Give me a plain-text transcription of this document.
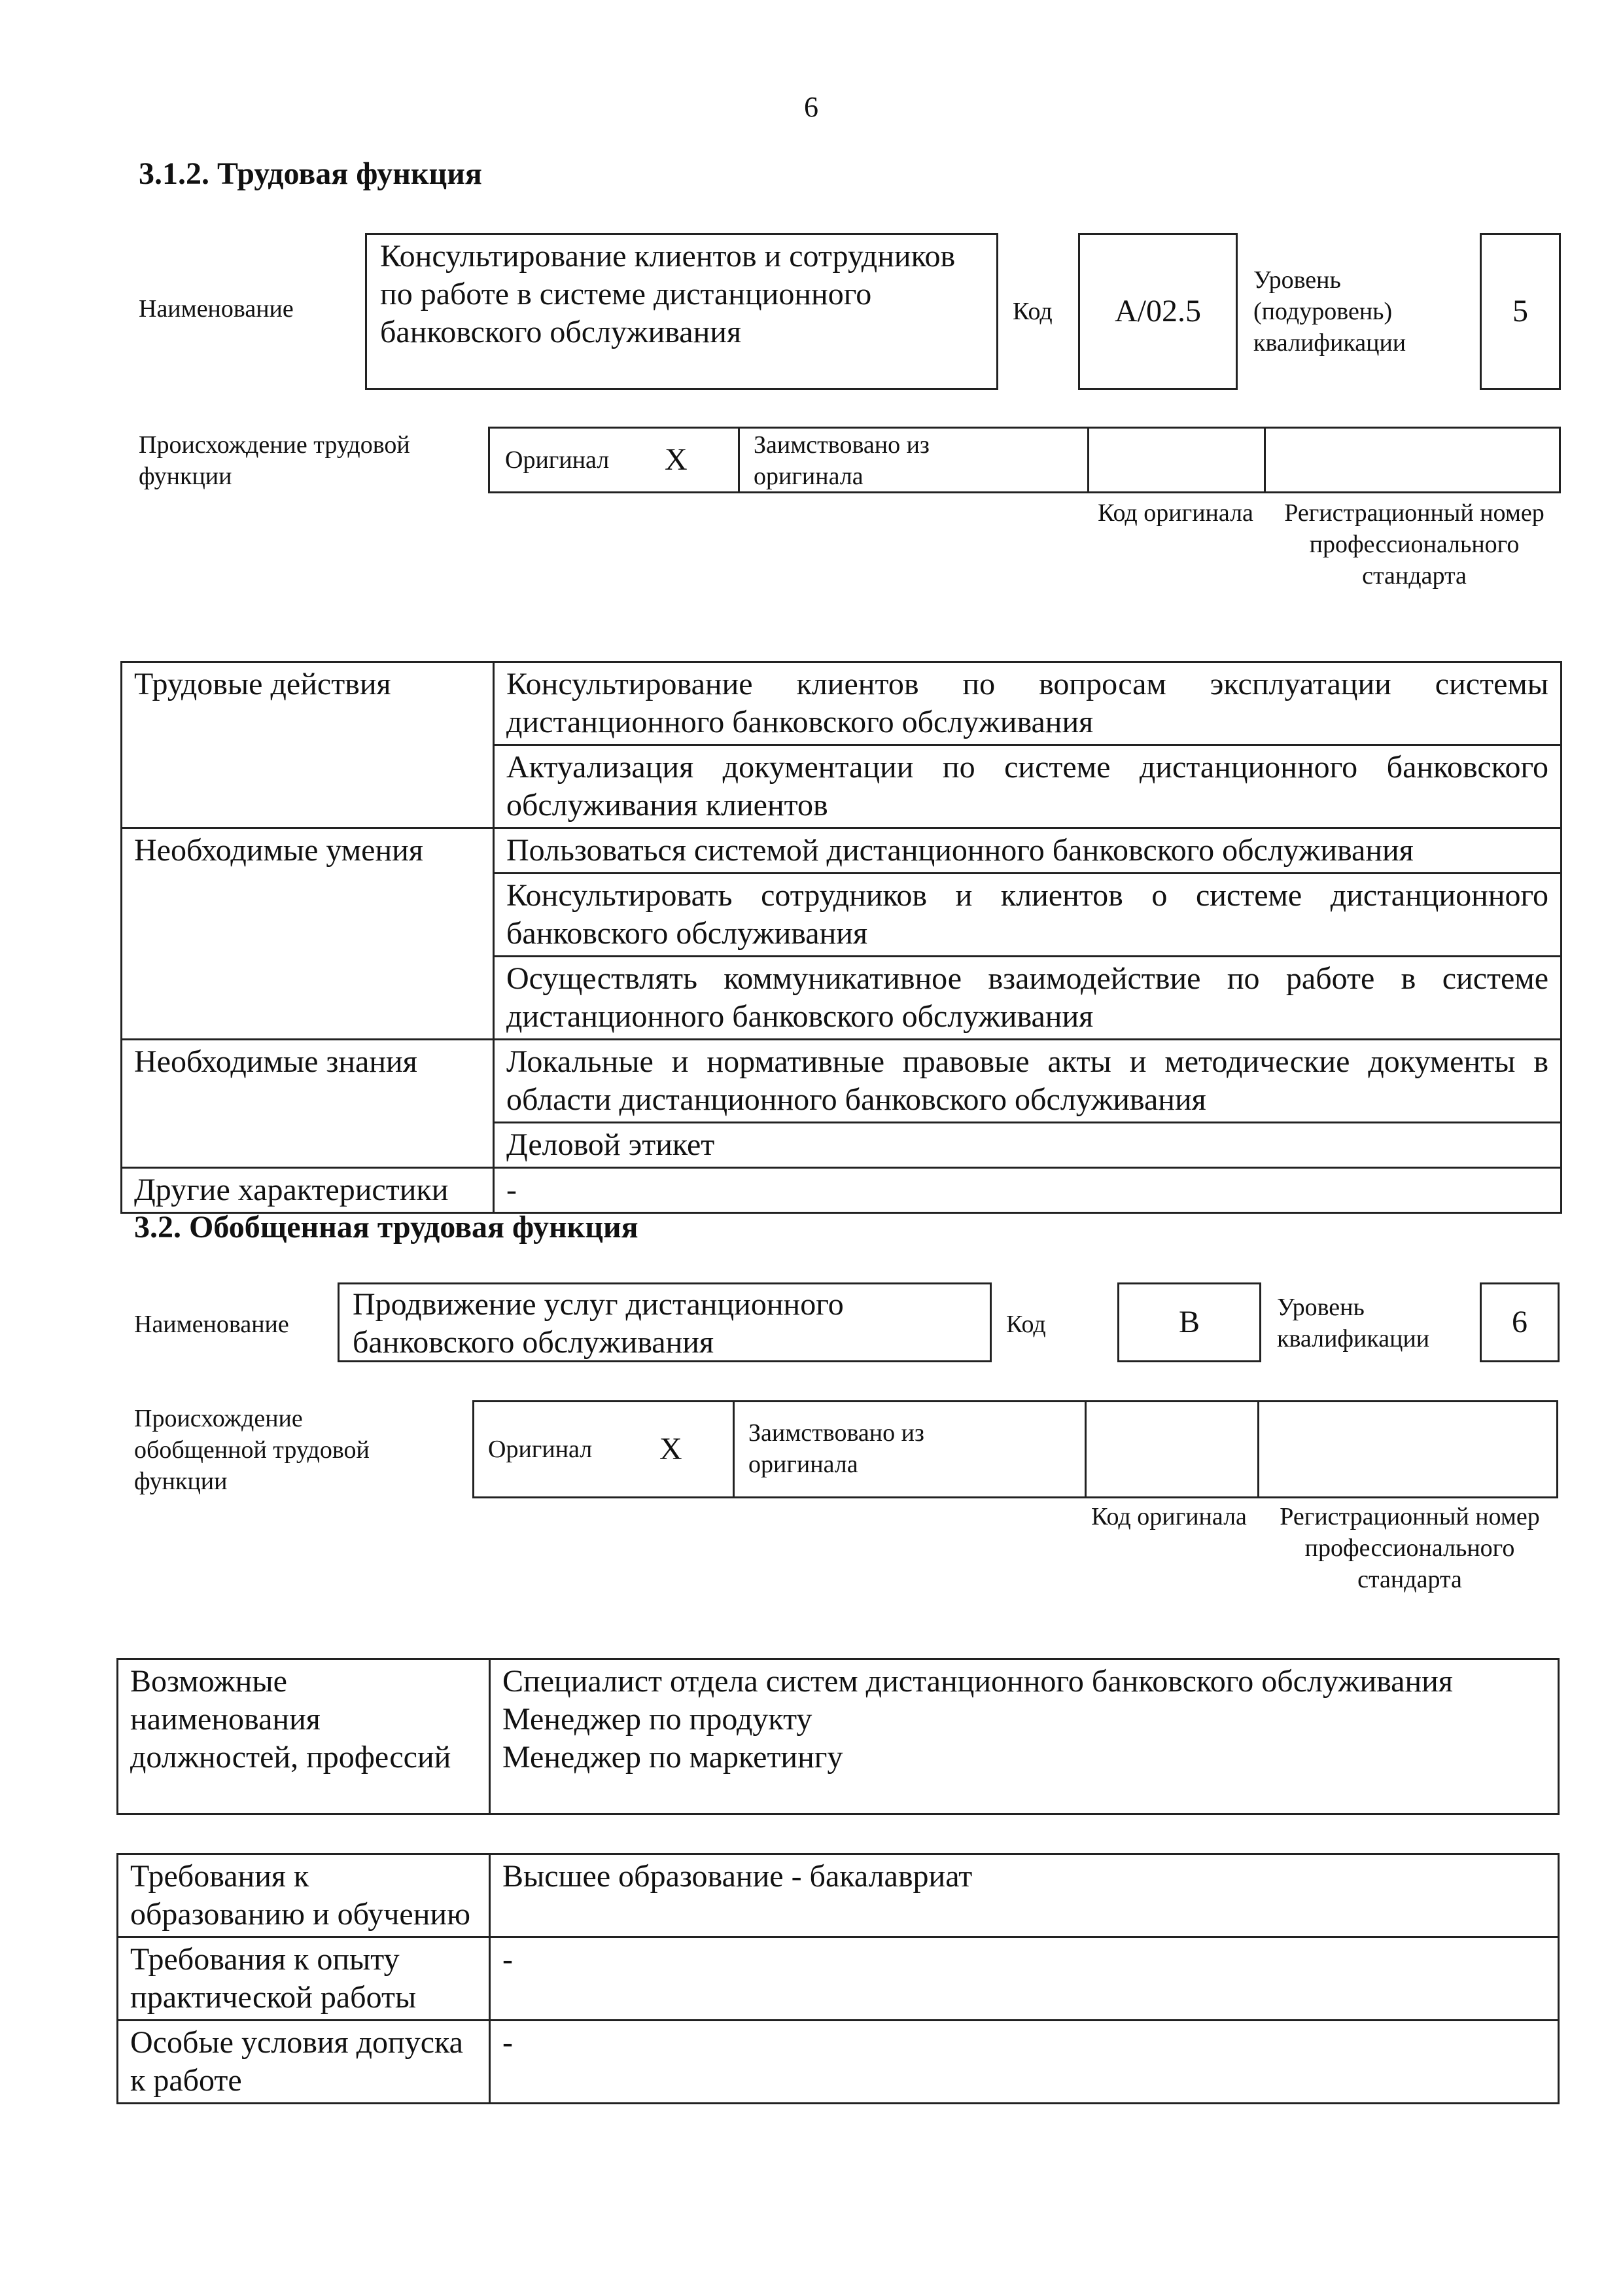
6
3.1.2. Трудовая функция
Наименование
Консультирование клиентов и сотрудников по работе в системе дистанционного банковского обслуживания
Код A/02.5
Уровень (подуровень) квалификации
5
Происхождение трудовой функции
Оригинал X	Заимствовано из оригинала
Код оригинала	Регистрационный номер профессионального стандарта
Трудовые действия	Консультирование клиентов по вопросам эксплуатации системы дистанционного банковского обслуживания
	Актуализация документации по системе дистанционного банковского обслуживания клиентов
Необходимые умения	Пользоваться системой дистанционного банковского обслуживания
	Консультировать сотрудников и клиентов о системе дистанционного банковского обслуживания
	Осуществлять коммуникативное взаимодействие по работе в системе дистанционного банковского обслуживания
Необходимые знания	Локальные и нормативные правовые акты и методические документы в области дистанционного банковского обслуживания
	Деловой этикет
Другие характеристики	-
3.2. Обобщенная трудовая функция
Наименование
Продвижение услуг дистанционного банковского обслуживания
Код	B	Уровень квалификации	6
Происхождение обобщенной трудовой функции
Оригинал X	Заимствовано из оригинала
Код оригинала	Регистрационный номер профессионального стандарта
Возможные наименования должностей, профессий	
Специалист отдела систем дистанционного банковского обслуживания
Менеджер по продукту
Менеджер по маркетингу
Требования к образованию и обучению	Высшее образование - бакалавриат
Требования к опыту практической работы	-
Особые условия допуска к работе	-
